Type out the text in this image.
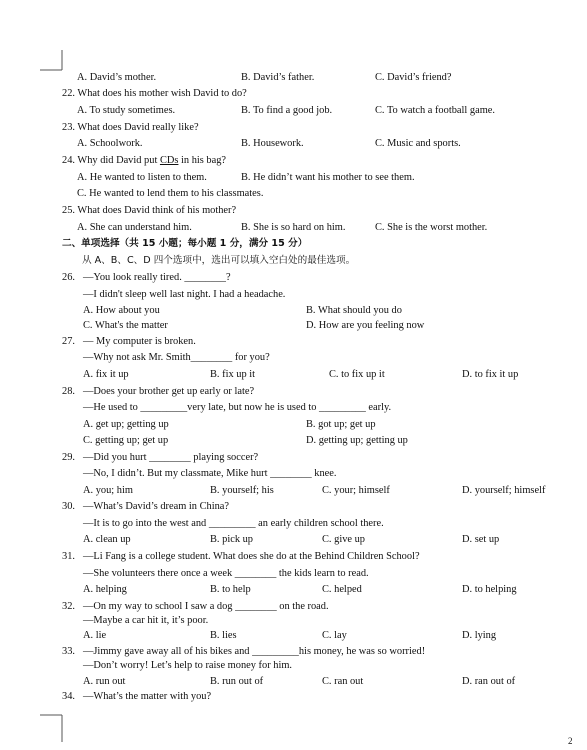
A. David’s mother.	B. David’s father.	C. David’s friend?
22. What does his mother wish David to do?
A. To study sometimes.	B. To find a good job.	C. To watch a football game.
23. What does David really like?
A. Schoolwork.	B. Housework.	C. Music and sports.
24. Why did David put CDs in his bag?
A. He wanted to listen to them.	B. He didn’t want his mother to see them.
C. He wanted to lend them to his classmates.
25. What does David think of his mother?
A. She can understand him.	B. She is so hard on him.	C. She is the worst mother.
二、单项选择（共 15 小题；每小题 1 分，满分 15 分）
从 A、B、C、D 四个选项中，选出可以填入空白处的最佳选项。
26. —You look really tired. ________?
—I didn't sleep well last night. I had a headache.
A. How about you	B. What should you do
C. What's the matter	D. How are you feeling now
27. — My computer is broken.
—Why not ask Mr. Smith________ for you?
A. fix it up	B. fix up it	C. to fix up it	D. to fix it up
28. —Does your brother get up early or late?
—He used to _________very late, but now he is used to _________ early.
A. get up; getting up	B. got up; get up
C. getting up; get up	D. getting up; getting up
29. —Did you hurt ________ playing soccer?
—No, I didn’t. But my classmate, Mike hurt ________ knee.
A. you; him	B. yourself; his	C. your; himself	D. yourself; himself
30. —What’s David’s dream in China?
—It is to go into the west and _________ an early children school there.
A. clean up	B. pick up	C. give up	D. set up
31. —Li Fang is a college student. What does she do at the Behind Children School?
—She volunteers there once a week ________ the kids learn to read.
A. helping	B. to help	C. helped	D. to helping
32. —On my way to school I saw a dog ________ on the road.
—Maybe a car hit it, it’s poor.
A. lie	B. lies	C. lay	D. lying
33. —Jimmy gave away all of his bikes and _________his money, he was so worried!
—Don’t worry! Let’s help to raise money for him.
A. run out	B. run out of	C. ran out	D. ran out of
34. —What’s the matter with you?
2
